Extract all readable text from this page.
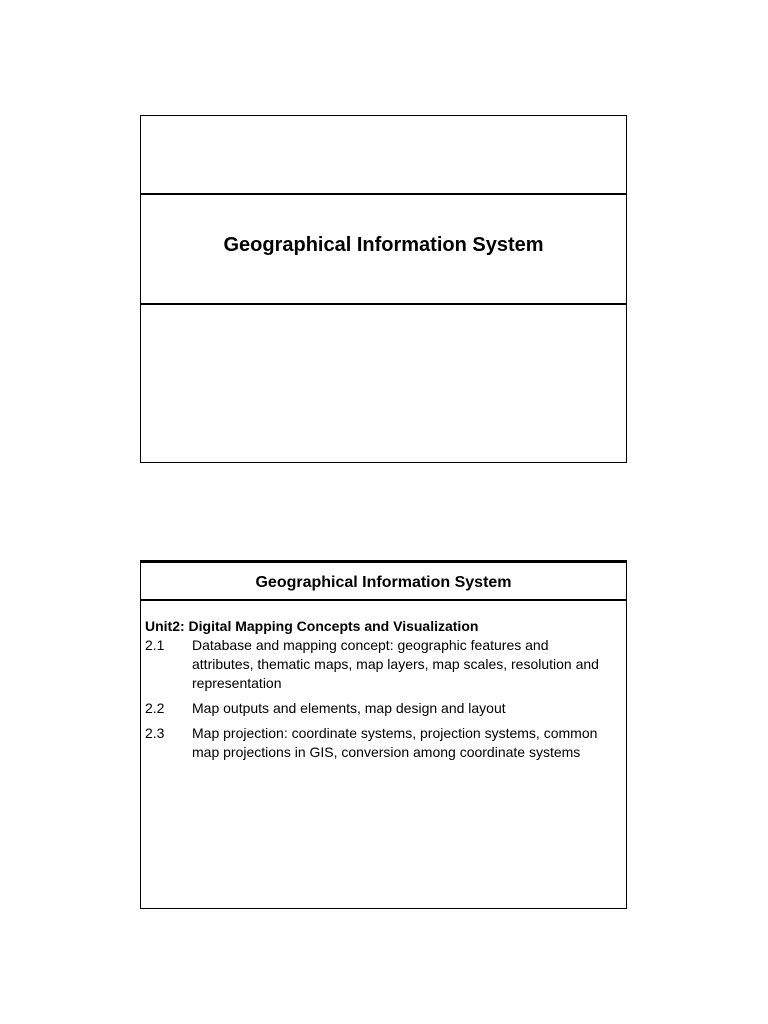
Geographical Information System
Geographical Information System
Unit2: Digital Mapping Concepts and Visualization
2.1	Database and mapping concept: geographic features and attributes, thematic maps, map layers, map scales, resolution and representation
2.2	Map outputs and elements, map design and layout
2.3	Map projection: coordinate systems, projection systems, common map projections in GIS, conversion among coordinate systems
